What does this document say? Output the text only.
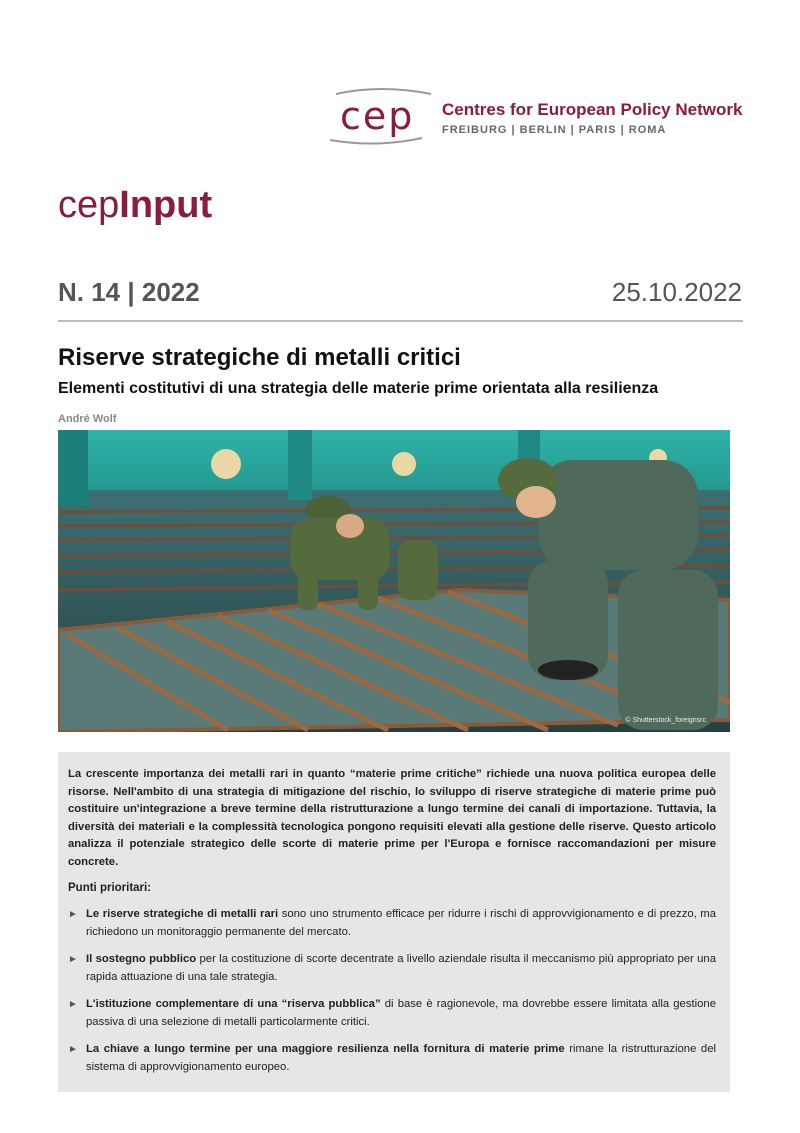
cep Centres for European Policy Network
FREIBURG | BERLIN | PARIS | ROMA
cepInput
N. 14 | 2022	25.10.2022
Riserve strategiche di metalli critici
Elementi costitutivi di una strategia delle materie prime orientata alla resilienza
André Wolf
© Shutterstock_foreignsrc
La crescente importanza dei metalli rari in quanto “materie prime critiche” richiede una nuova politica europea delle risorse. Nell'ambito di una strategia di mitigazione del rischio, lo sviluppo di riserve strategiche di materie prime può costituire un'integrazione a breve termine della ristrutturazione a lungo termine dei canali di importazione. Tuttavia, la diversità dei materiali e la complessità tecnologica pongono requisiti elevati alla gestione delle riserve. Questo articolo analizza il potenziale strategico delle scorte di materie prime per l'Europa e fornisce raccomandazioni per misure concrete.
Punti prioritari:
► Le riserve strategiche di metalli rari sono uno strumento efficace per ridurre i rischi di approvvigionamento e di prezzo, ma richiedono un monitoraggio permanente del mercato.
► Il sostegno pubblico per la costituzione di scorte decentrate a livello aziendale risulta il meccanismo più appropriato per una rapida attuazione di una tale strategia.
► L'istituzione complementare di una “riserva pubblica” di base è ragionevole, ma dovrebbe essere limitata alla gestione passiva di una selezione di metalli particolarmente critici.
► La chiave a lungo termine per una maggiore resilienza nella fornitura di materie prime rimane la ristrutturazione del sistema di approvvigionamento europeo.
